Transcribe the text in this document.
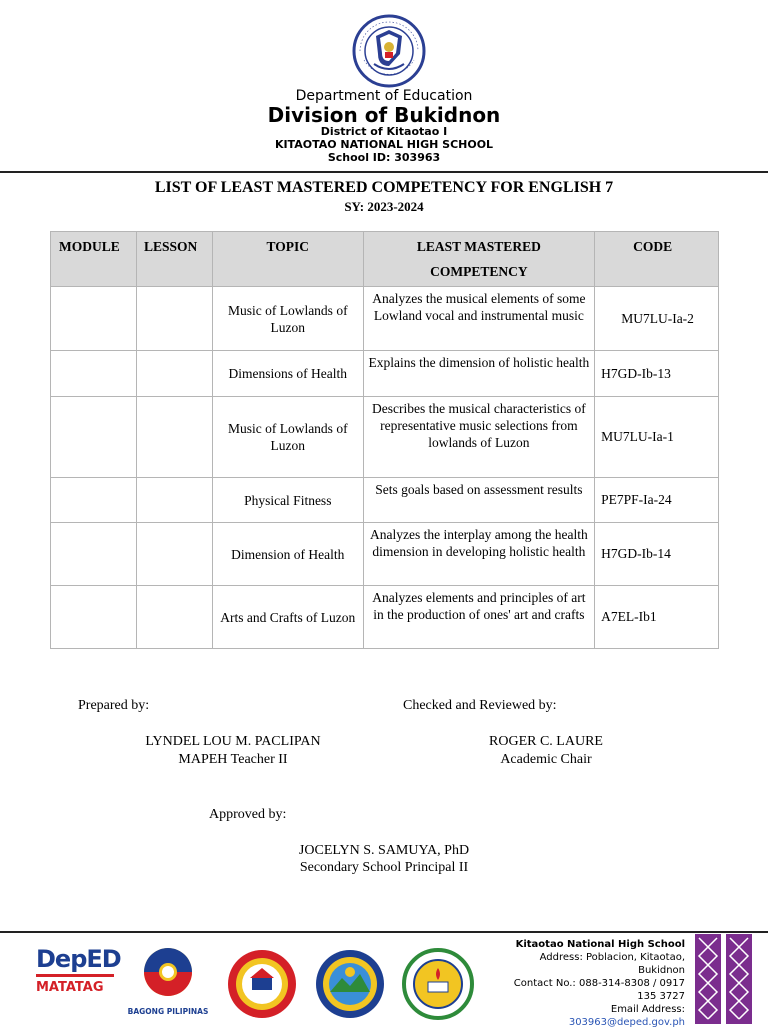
Department of Education
Division of Bukidnon
District of Kitaotao I
KITAOTAO NATIONAL HIGH SCHOOL
School ID: 303963
LIST OF LEAST MASTERED COMPETENCY FOR ENGLISH 7
SY: 2023-2024
MODULE	LESSON	TOPIC	LEAST MASTERED COMPETENCY	CODE
		Music of Lowlands of Luzon	Analyzes the musical elements of some Lowland vocal and instrumental music	MU7LU-Ia-2
		Dimensions of Health	Explains the dimension of holistic health	H7GD-Ib-13
		Music of Lowlands of Luzon	Describes the musical characteristics of representative music selections from lowlands of Luzon	MU7LU-Ia-1
		Physical Fitness	Sets goals based on assessment results	PE7PF-Ia-24
		Dimension of Health	Analyzes the interplay among the health dimension in developing holistic health	H7GD-Ib-14
		Arts and Crafts of Luzon	Analyzes elements and principles of art in the production of ones' art and crafts	A7EL-Ib1
Prepared by:
LYNDEL LOU M. PACLIPAN
MAPEH Teacher II
Checked and Reviewed by:
ROGER C. LAURE
Academic Chair
Approved by:
JOCELYN S. SAMUYA, PhD
Secondary School Principal II
DepED
MATATAG
BAGONG PILIPINAS
Kitaotao National High School
Address: Poblacion, Kitaotao,
Bukidnon
Contact No.: 088-314-8308 / 0917
135 3727
Email Address:
303963@deped.gov.ph
